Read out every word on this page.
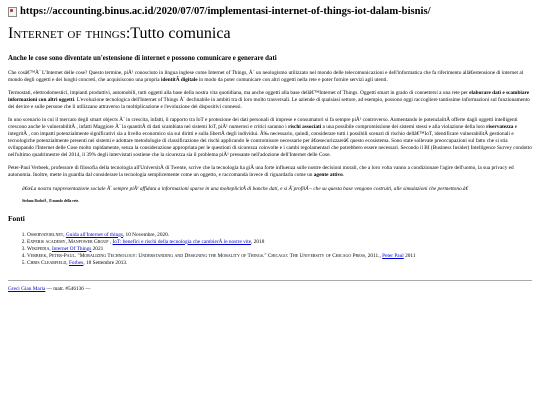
https://accounting.binus.ac.id/2020/07/07/implementasi-internet-of-things-iot-dalam-bisnis/
Internet of things:Tutto comunica
Anche le cose sono diventate un'estensione di internet e possono comunicare e generare dati

Che cosâ€™Ã¨ L'Internet delle cose? Questo termine, piÃ¹ conosciuto in lingua inglese come Internet of Things, Ã¨ un neologismo utilizzato nel mondo delle telecomunicazioni e dell'informatica che fa riferimento allâ€estensione di internet al mondo degli oggetti e dei luoghi concreti, che acquisiscono una propria identitÃ digitale in modo da poter comunicare con altri oggetti nella rete e poter fornire servizi agli utenti.

Termostati, elettrodomestici, impianti produttivi, automobili, tutti oggetti alla base della nostra vita quotidiana, ma anche oggetti alla base dellâ€™Internet of Things. Oggetti smart in grado di connettersi a una rete per elaborare dati e scambiare informazioni con altri oggetti. L'evoluzione tecnologica dell'Internet of Things Ã¨ declinabile in ambiti tra di loro molto trasversali. Le aziende di qualsiasi settore, ad esempio, possono oggi raccogliere tantissime informazioni sul funzionamento dei device e sulle persone che li utilizzano attraverso la moltiplicazione e l'evoluzione dei dispositivi connessi.

In uno scenario in cui il mercato degli smart objects Ã¨ in crescita, infatti, il rapporto tra IoT e protezione dei dati personali di imprese e consumatori si fa sempre piÃ¹ controverso. Aumentando le potenzialitÃ offerte dagli oggetti intelligenti crescono anche le vulnerabilitÃ , infatti Maggiore Ã¨ la quantitÃ di dati scambiata nei sistemi IoT, piÃ¹ numerosi e critici saranno i rischi associati a una possibile compromissione dei sistemi stessi e alla violazione della loro riservatezza e integritÃ , con impatti potenzialmente significativi sia a livello economico sia sui diritti e sulla libertÃ degli individui. Ã‰ necessario, quindi, considerare tutti i possibili scenari di rischio dellâ€™IoT, identificare vulnerabilitÃ gestionali e tecnologiche potenzialmente presenti nei sistemi e adottare metodologie di classificazione dei rischi applicando le contromisure necessarie per â€œsecurizzareâ€ questo ecosistema. Sono state sollevate preoccupazioni sul fatto che si stia sviluppando l'Internet delle Cose molto rapidamente, senza la considerazione appropriata per le questioni di sicurezza coinvolte e i cambi regolamentari che potrebbero essere necessari. Secondo il BI (Business Insider) Intelligence Survey condotto nell'ultimo quadrimestre del 2014, il 39% degli intervistati sostiene che la sicurezza sia il problema piÃ¹ pressante nell'adozione dell'Internet delle Cose.

Peter-Paul Verbeek, professore di filosofia della tecnologia all'UniversitÃ di Twente, scrive che la tecnologia ha giÃ una forte influenza sulle nostre decisioni morali, che a loro volta vanno a condizionare l'agire dell'uomo, la sua privacy ed autonomia. Inoltre, mette in guardia dal considerare la tecnologia semplicemente come un oggetto, e raccomanda invece di riguardarla come un agente attivo.

â€œLa nostra rappresentazione sociale Ã¨ sempre piÃ¹ affidata a informazioni sparse in una molteplicitÃ di banche dati, e si Ã¨profilÃ¬ che su questa base vengono costruiti, alle simulazioni che permettono.â€
Stefano RodotÃ , Il mondo della rete.
Fonti
1. Osservatori.net, Guida all'Internet of things, 10 Novembre, 2020.
2. Experis academy, Manpower Group , IoT: benefici e rischi della tecnologia che cambierÃ le nostre vite, 2018
3. Wikipedia, Internet Of Things 2021
4. Verbeek, Peter-Paul. "Moralizing Technology: Understanding and Designing the Morality of Things." Chicago: The University of Chicago Press, 2011., Peter Paul 2011
5. Chris Clearfield, Forbes, 18 Settembre 2013.
Greci Gian Maria — matr. #546136 —
